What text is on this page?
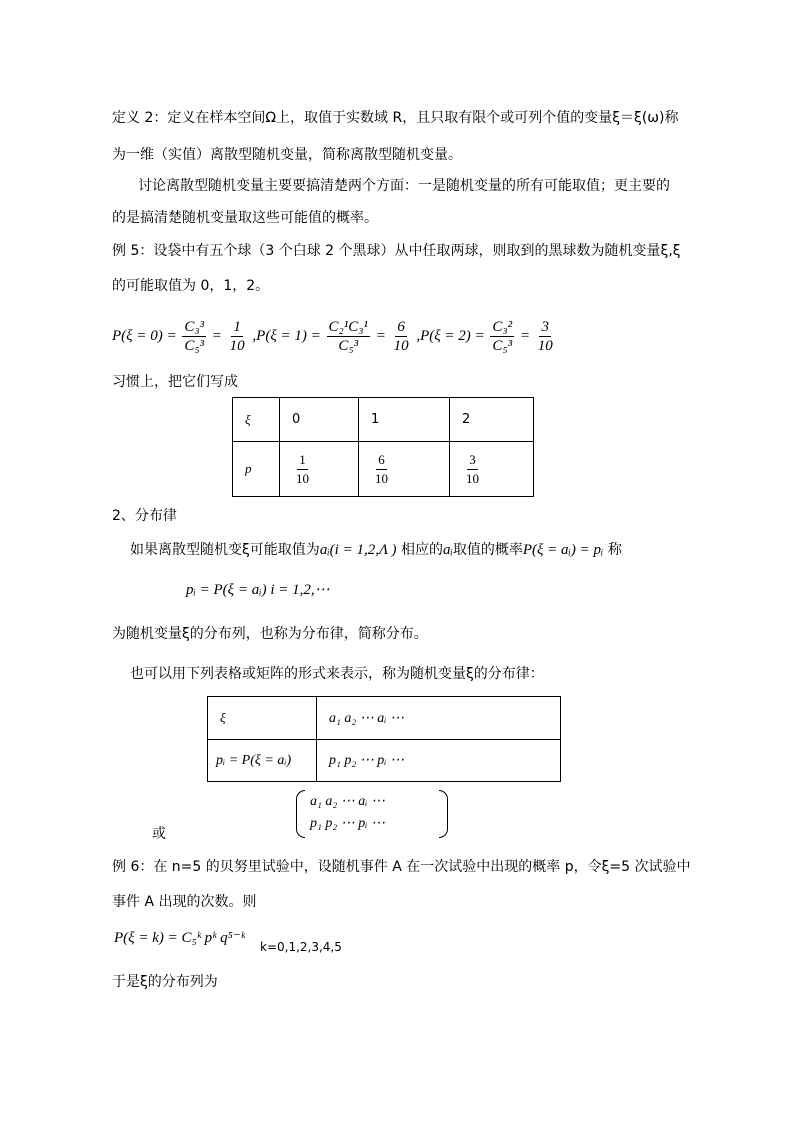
定义 2：定义在样本空间Ω上，取值于实数域 R，且只取有限个或可列个值的变量ξ＝ξ(ω)称
为一维（实值）离散型随机变量，简称离散型随机变量。
讨论离散型随机变量主要要搞清楚两个方面：一是随机变量的所有可能取值；更主要的
的是搞清楚随机变量取这些可能值的概率。
例 5：设袋中有五个球（3 个白球 2 个黑球）从中任取两球，则取到的黑球数为随机变量ξ,ξ
的可能取值为 0，1，2。
$P(\xi = 0) = \frac{\text{C₃³}}{\text{C₅³}} = \frac{1}{10} ,P(\xi = 1) = \frac{\text{C₂¹C₃¹}}{\text{C₅³}} = \frac{6}{10} ,P(\xi = 2) = \frac{\text{C₃²}}{\text{C₅³}} = \frac{3}{10}$
习惯上，把它们写成
ξ	0	1	2
p	$\frac{1}{10}$	$\frac{6}{10}$	$\frac{3}{10}$
2、分布律
如果离散型随机变ξ可能取值为aᵢ(i = 1,2,Λ ) 相应的aᵢ取值的概率P(ξ = aᵢ) = pᵢ 称
pᵢ = P(ξ = aᵢ) i = 1,2,⋯
为随机变量ξ的分布列，也称为分布律，简称分布。
也可以用下列表格或矩阵的形式来表示，称为随机变量ξ的分布律：
ξ	a₁ a₂ ⋯ aᵢ ⋯
pᵢ = P(ξ = aᵢ)	p₁ p₂ ⋯ pᵢ ⋯
a₁ a₂ ⋯ aᵢ ⋯
p₁ p₂ ⋯ pᵢ ⋯
或
例 6：在 n=5 的贝努里试验中，设随机事件 A 在一次试验中出现的概率 p，令ξ=5 次试验中
事件 A 出现的次数。则
P(ξ = k) = C₅ᵏ pᵏ q⁵⁻ᵏ
k=0,1,2,3,4,5
于是ξ的分布列为
